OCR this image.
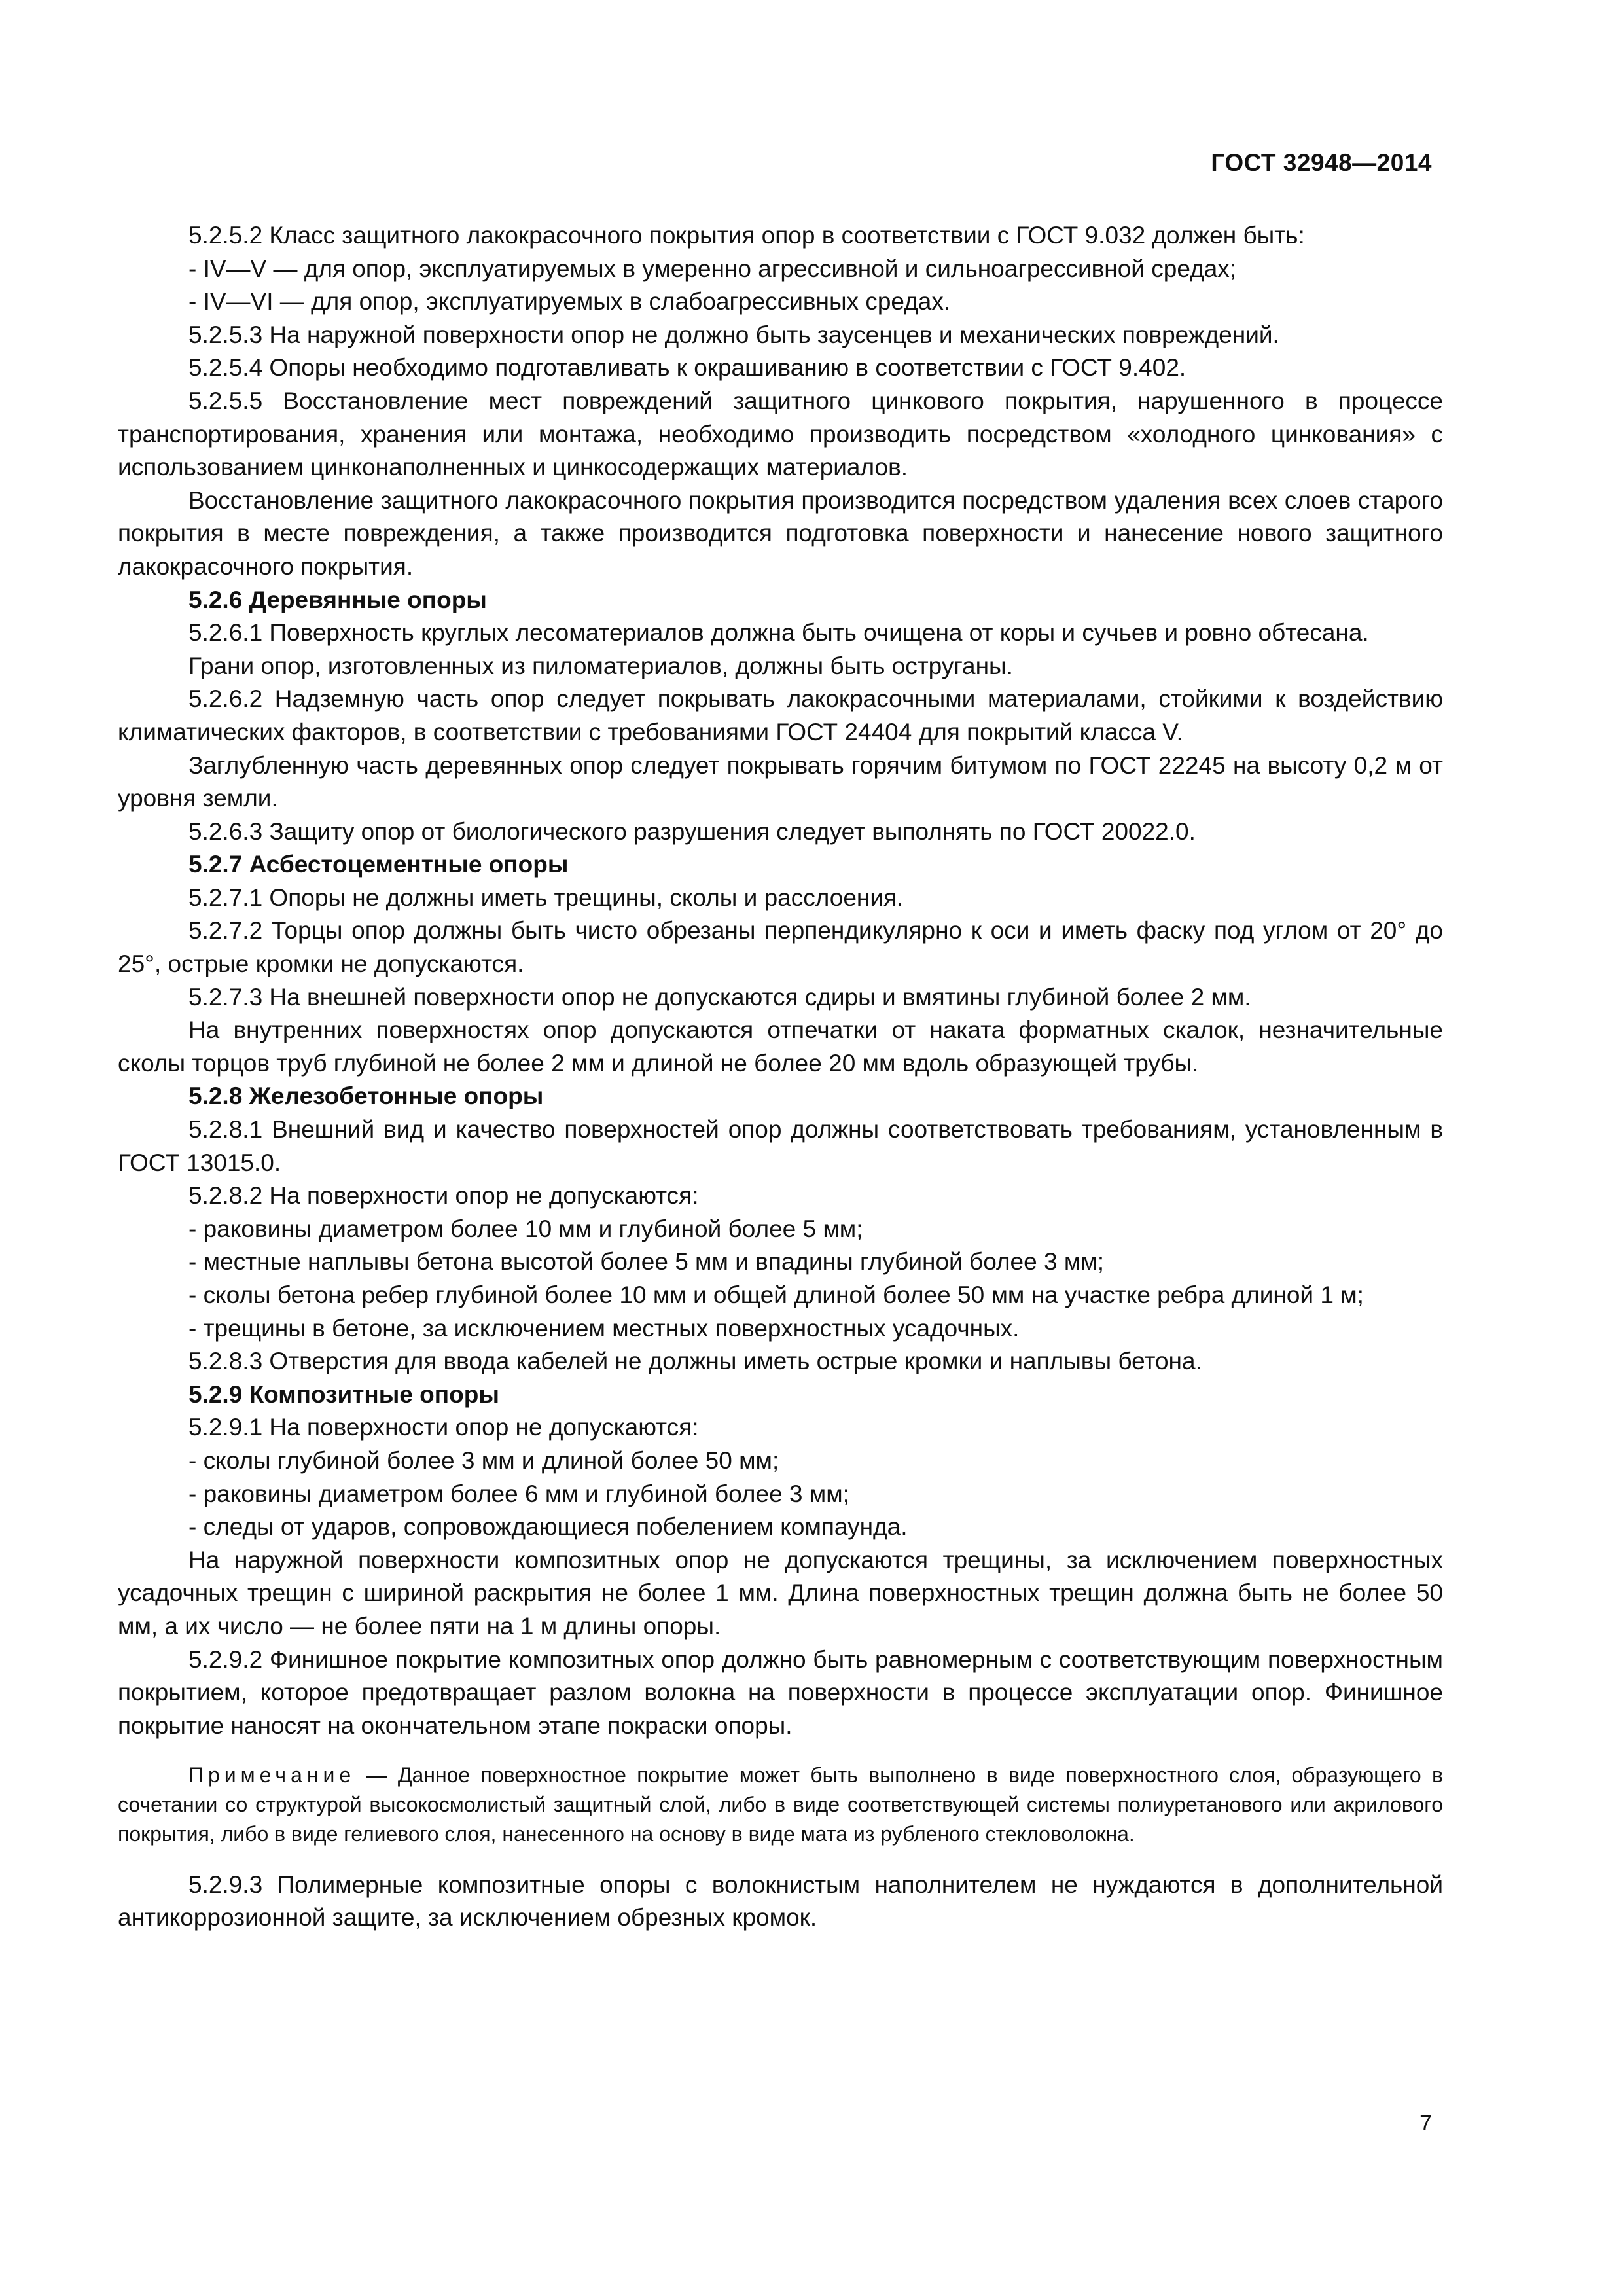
ГОСТ 32948—2014

5.2.5.2 Класс защитного лакокрасочного покрытия опор в соответствии с ГОСТ 9.032 должен быть:

- IV—V — для опор, эксплуатируемых в умеренно агрессивной и сильноагрессивной средах;

- IV—VI — для опор, эксплуатируемых в слабоагрессивных средах.

5.2.5.3 На наружной поверхности опор не должно быть заусенцев и механических повреждений.

5.2.5.4 Опоры необходимо подготавливать к окрашиванию в соответствии с ГОСТ 9.402.

5.2.5.5 Восстановление мест повреждений защитного цинкового покрытия, нарушенного в процессе транспортирования, хранения или монтажа, необходимо производить посредством «холодного цинкования» с использованием цинконаполненных и цинкосодержащих материалов.

Восстановление защитного лакокрасочного покрытия производится посредством удаления всех слоев старого покрытия в месте повреждения, а также производится подготовка поверхности и нанесение нового защитного лакокрасочного покрытия.

5.2.6 Деревянные опоры

5.2.6.1 Поверхность круглых лесоматериалов должна быть очищена от коры и сучьев и ровно обтесана.

Грани опор, изготовленных из пиломатериалов, должны быть оструганы.

5.2.6.2 Надземную часть опор следует покрывать лакокрасочными материалами, стойкими к воздействию климатических факторов, в соответствии с требованиями ГОСТ 24404 для покрытий класса V.

Заглубленную часть деревянных опор следует покрывать горячим битумом по ГОСТ 22245 на высоту 0,2 м от уровня земли.

5.2.6.3 Защиту опор от биологического разрушения следует выполнять по ГОСТ 20022.0.

5.2.7 Асбестоцементные опоры

5.2.7.1 Опоры не должны иметь трещины, сколы и расслоения.

5.2.7.2 Торцы опор должны быть чисто обрезаны перпендикулярно к оси и иметь фаску под углом от 20° до 25°, острые кромки не допускаются.

5.2.7.3 На внешней поверхности опор не допускаются сдиры и вмятины глубиной более 2 мм.

На внутренних поверхностях опор допускаются отпечатки от наката форматных скалок, незначительные сколы торцов труб глубиной не более 2 мм и длиной не более 20 мм вдоль образующей трубы.

5.2.8 Железобетонные опоры

5.2.8.1 Внешний вид и качество поверхностей опор должны соответствовать требованиям, установленным в ГОСТ 13015.0.

5.2.8.2 На поверхности опор не допускаются:

- раковины диаметром более 10 мм и глубиной более 5 мм;

- местные наплывы бетона высотой более 5 мм и впадины глубиной более 3 мм;

- сколы бетона ребер глубиной более 10 мм и общей длиной более 50 мм на участке ребра длиной 1 м;

- трещины в бетоне, за исключением местных поверхностных усадочных.

5.2.8.3 Отверстия для ввода кабелей не должны иметь острые кромки и наплывы бетона.

5.2.9 Композитные опоры

5.2.9.1 На поверхности опор не допускаются:

- сколы глубиной более 3 мм и длиной более 50 мм;

- раковины диаметром более 6 мм и глубиной более 3 мм;

- следы от ударов, сопровождающиеся побелением компаунда.

На наружной поверхности композитных опор не допускаются трещины, за исключением поверхностных усадочных трещин с шириной раскрытия не более 1 мм. Длина поверхностных трещин должна быть не более 50 мм, а их число — не более пяти на 1 м длины опоры.

5.2.9.2 Финишное покрытие композитных опор должно быть равномерным с соответствующим поверхностным покрытием, которое предотвращает разлом волокна на поверхности в процессе эксплуатации опор. Финишное покрытие наносят на окончательном этапе покраски опоры.

Примечание — Данное поверхностное покрытие может быть выполнено в виде поверхностного слоя, образующего в сочетании со структурой высокосмолистый защитный слой, либо в виде соответствующей системы полиуретанового или акрилового покрытия, либо в виде гелиевого слоя, нанесенного на основу в виде мата из рубленого стекловолокна.

5.2.9.3 Полимерные композитные опоры с волокнистым наполнителем не нуждаются в дополнительной антикоррозионной защите, за исключением обрезных кромок.

7
